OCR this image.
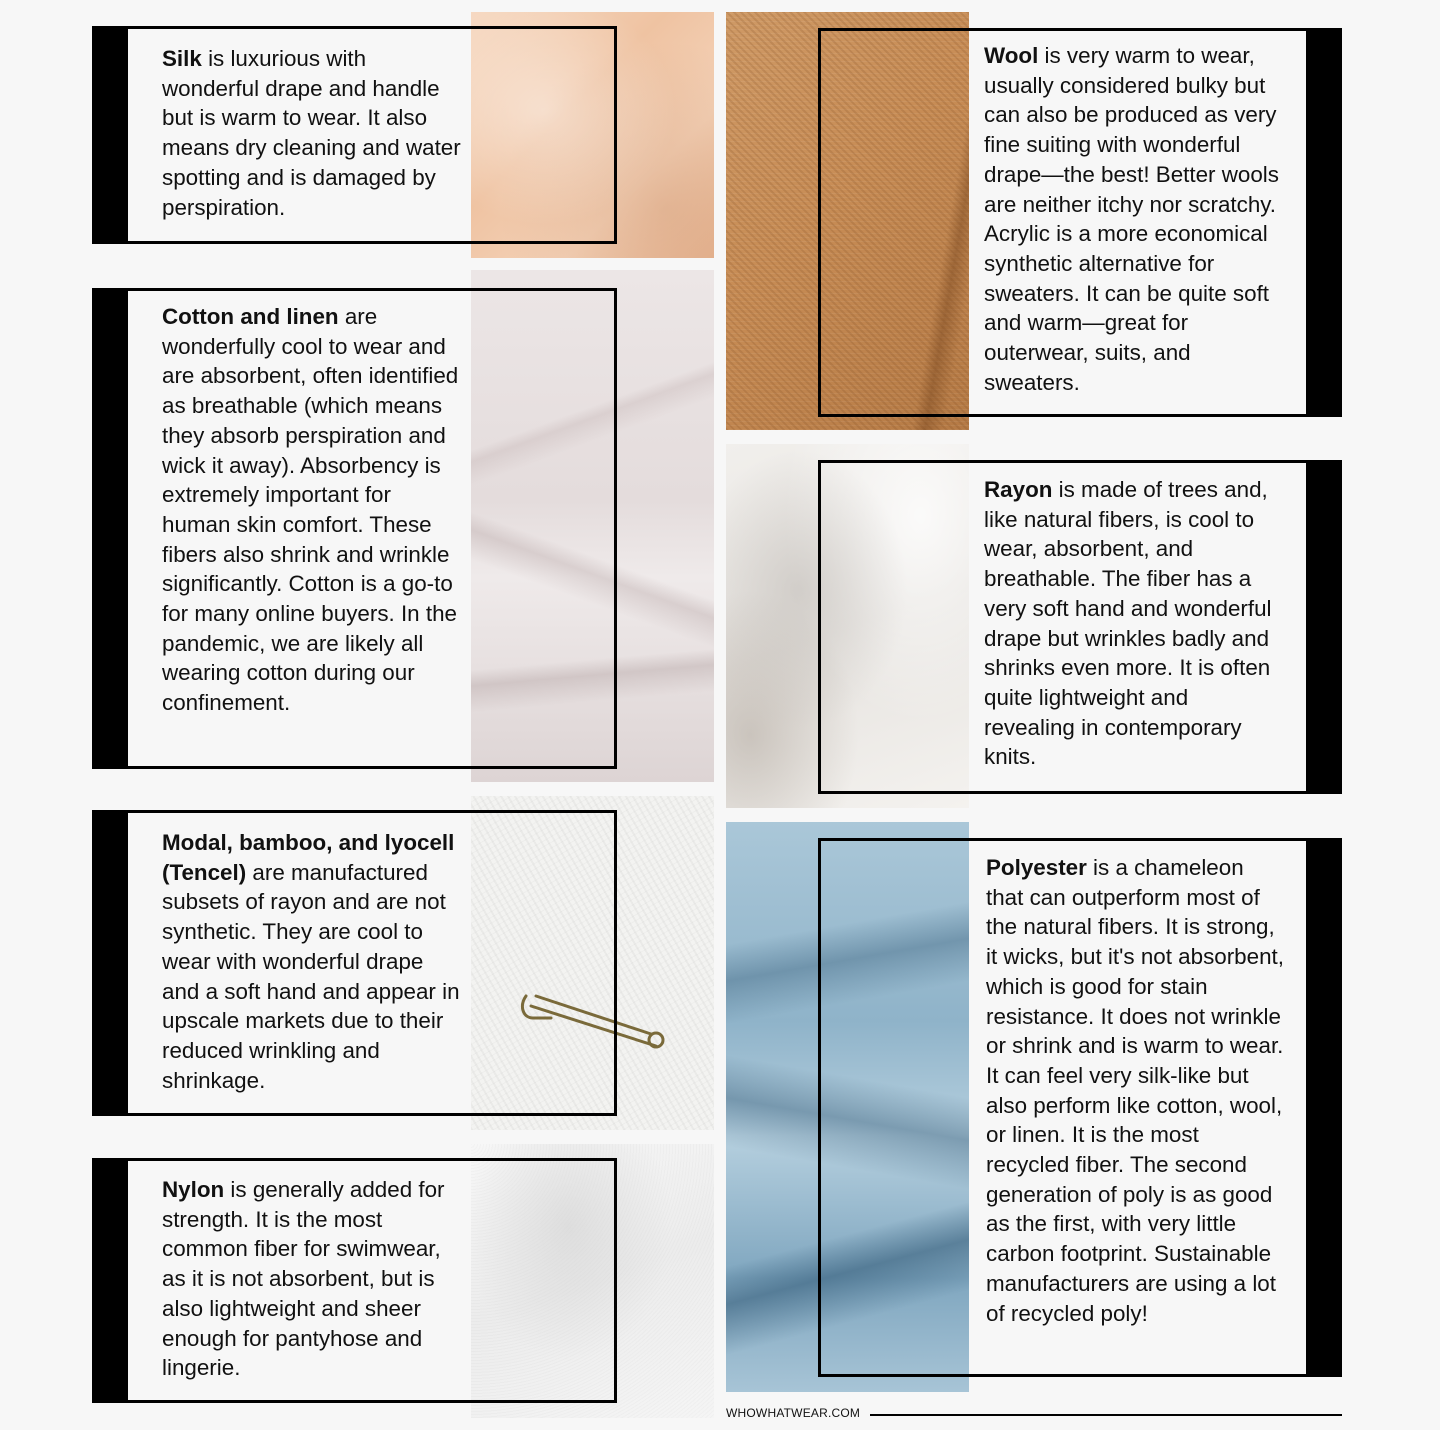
Silk is luxurious with wonderful drape and handle but is warm to wear. It also means dry cleaning and water spotting and is damaged by perspiration.

Cotton and linen are wonderfully cool to wear and are absorbent, often identified as breathable (which means they absorb perspiration and wick it away). Absorbency is extremely important for human skin comfort. These fibers also shrink and wrinkle significantly. Cotton is a go-to for many online buyers. In the pandemic, we are likely all wearing cotton during our confinement.

Modal, bamboo, and lyocell (Tencel) are manufactured subsets of rayon and are not synthetic. They are cool to wear with wonderful drape and a soft hand and appear in upscale markets due to their reduced wrinkling and shrinkage.

Nylon is generally added for strength. It is the most common fiber for swimwear, as it is not absorbent, but is also lightweight and sheer enough for pantyhose and lingerie.

Wool is very warm to wear, usually considered bulky but can also be produced as very fine suiting with wonderful drape—the best! Better wools are neither itchy nor scratchy. Acrylic is a more economical synthetic alternative for sweaters. It can be quite soft and warm—great for outerwear, suits, and sweaters.

Rayon is made of trees and, like natural fibers, is cool to wear, absorbent, and breathable. The fiber has a very soft hand and wonderful drape but wrinkles badly and shrinks even more. It is often quite lightweight and revealing in contemporary knits.

Polyester is a chameleon that can outperform most of the natural fibers. It is strong, it wicks, but it's not absorbent, which is good for stain resistance. It does not wrinkle or shrink and is warm to wear. It can feel very silk-like but also perform like cotton, wool, or linen. It is the most recycled fiber. The second generation of poly is as good as the first, with very little carbon footprint. Sustainable manufacturers are using a lot of recycled poly!

WHOWHATWEAR.COM
